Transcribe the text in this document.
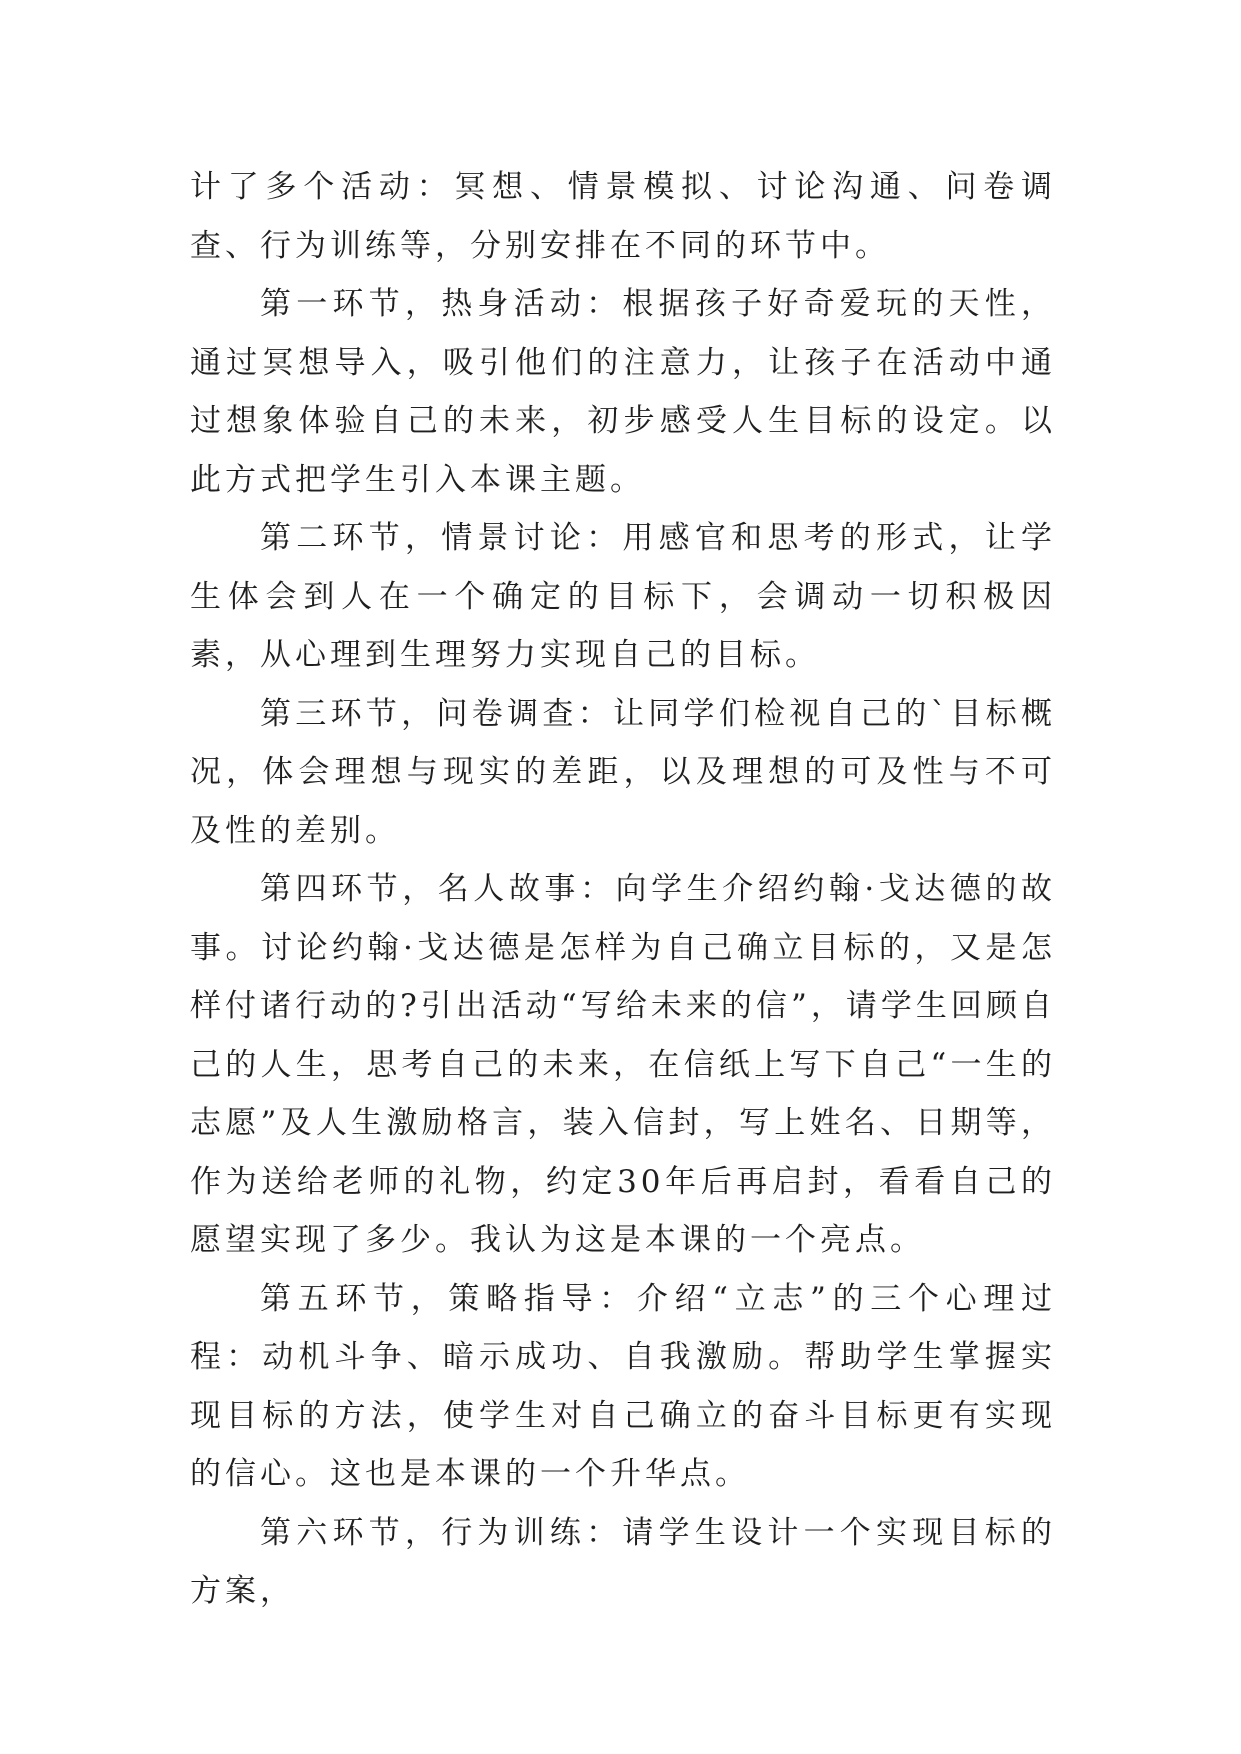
计了多个活动：冥想、情景模拟、讨论沟通、问卷调查、行为训练等，分别安排在不同的环节中。

第一环节，热身活动：根据孩子好奇爱玩的天性，通过冥想导入，吸引他们的注意力，让孩子在活动中通过想象体验自己的未来，初步感受人生目标的设定。以此方式把学生引入本课主题。

第二环节，情景讨论：用感官和思考的形式，让学生体会到人在一个确定的目标下，会调动一切积极因素，从心理到生理努力实现自己的目标。

第三环节，问卷调查：让同学们检视自己的`目标概况，体会理想与现实的差距，以及理想的可及性与不可及性的差别。

第四环节，名人故事：向学生介绍约翰·戈达德的故事。讨论约翰·戈达德是怎样为自己确立目标的，又是怎样付诸行动的?引出活动“写给未来的信”，请学生回顾自己的人生，思考自己的未来，在信纸上写下自己“一生的志愿”及人生激励格言，装入信封，写上姓名、日期等，作为送给老师的礼物，约定30年后再启封，看看自己的愿望实现了多少。我认为这是本课的一个亮点。

第五环节，策略指导：介绍“立志”的三个心理过程：动机斗争、暗示成功、自我激励。帮助学生掌握实现目标的方法，使学生对自己确立的奋斗目标更有实现的信心。这也是本课的一个升华点。

第六环节，行为训练：请学生设计一个实现目标的方案，
